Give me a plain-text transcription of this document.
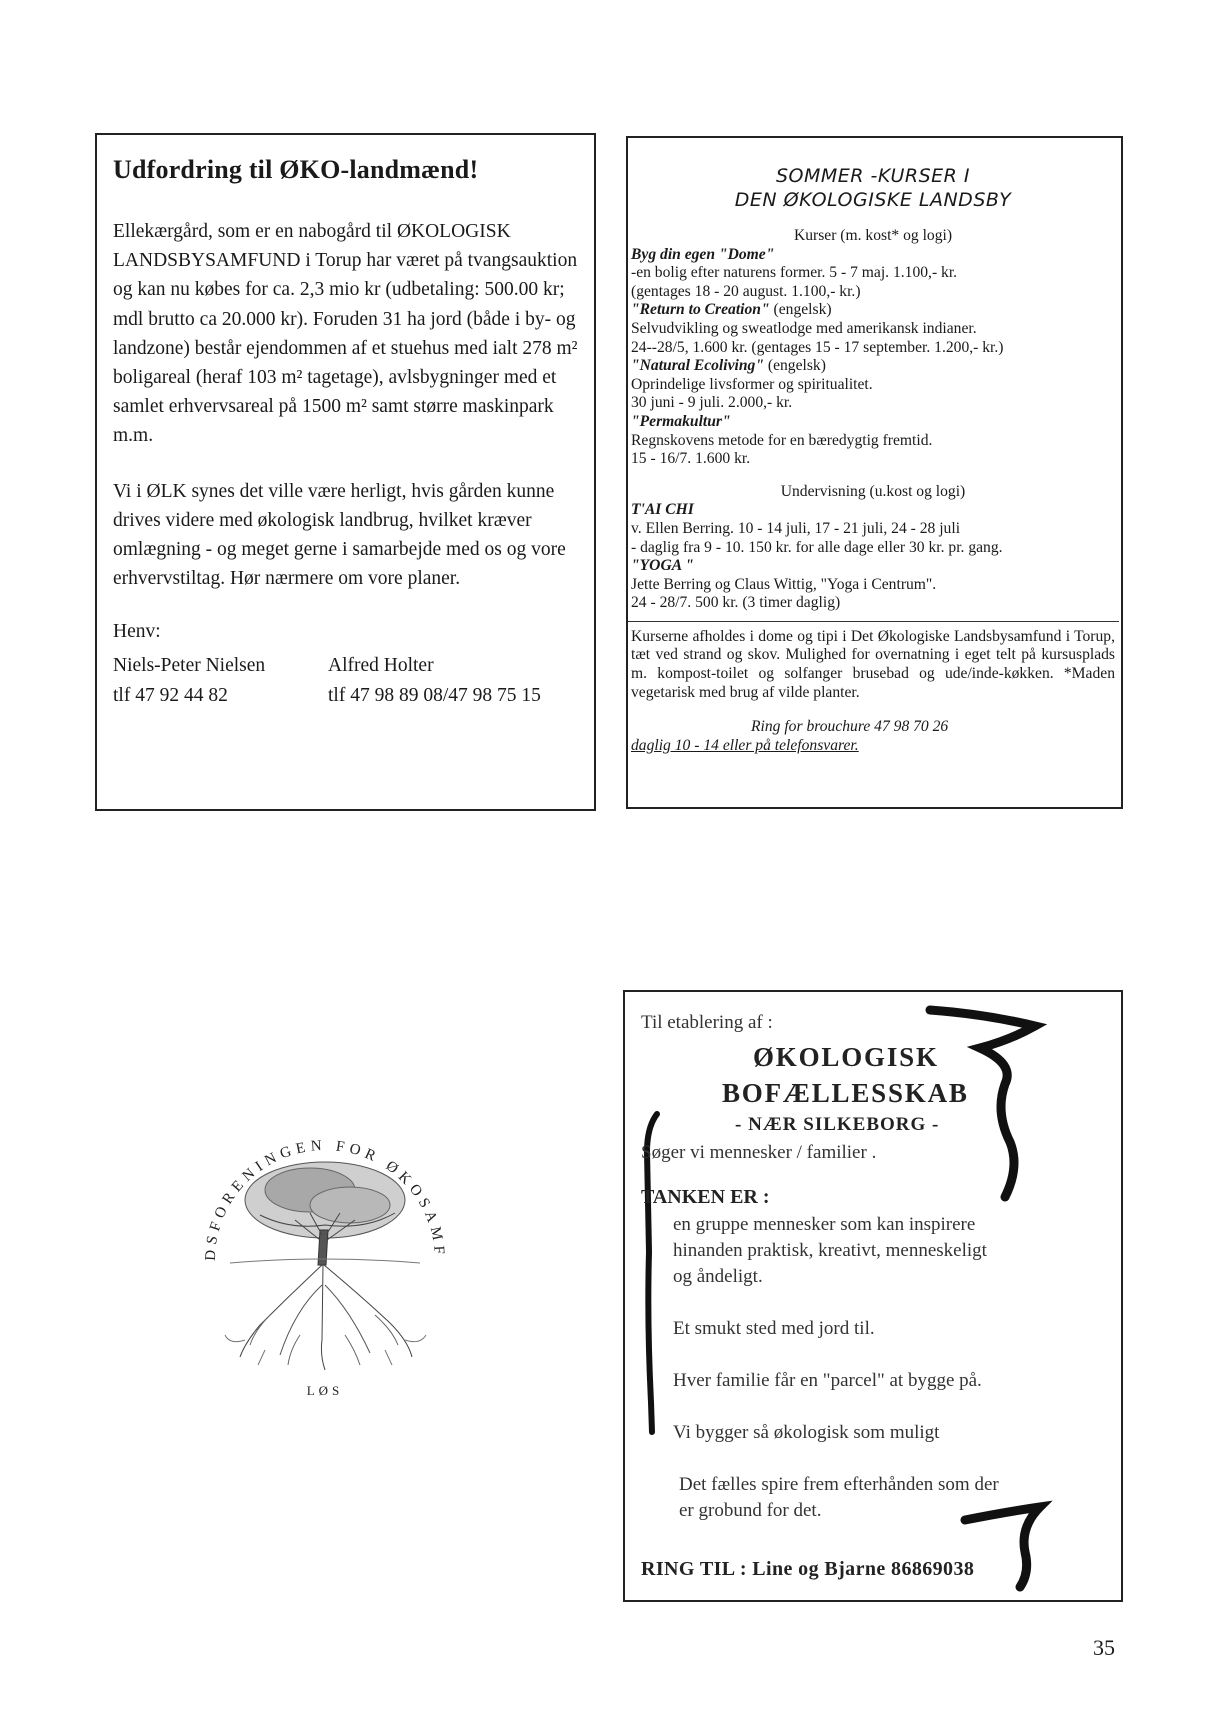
Udfordring til ØKO-landmænd!

Ellekærgård, som er en nabogård til ØKOLOGISK LANDSBYSAMFUND i Torup har været på tvangsauktion og kan nu købes for ca. 2,3 mio kr (udbetaling: 500.00 kr; mdl brutto ca 20.000 kr). Foruden 31 ha jord (både i by- og landzone) består ejendommen af et stuehus med ialt 278 m² boligareal (heraf 103 m² tagetage), avlsbygninger med et samlet erhvervsareal på 1500 m² samt større maskinpark m.m.

Vi i ØLK synes det ville være herligt, hvis gården kunne drives videre med økologisk landbrug, hvilket kræver omlægning - og meget gerne i samarbejde med os og vore erhvervstiltag. Hør nærmere om vore planer.

Henv:

Niels-Peter Nielsen
tlf 47 92 44 82
Alfred Holter
tlf 47 98 89 08/47 98 75 15
SOMMER -KURSER I
DEN ØKOLOGISKE LANDSBY
Kurser (m. kost* og logi)
Byg din egen "Dome"
-en bolig efter naturens former. 5 - 7 maj. 1.100,- kr.
(gentages 18 - 20 august. 1.100,- kr.)
"Return to Creation" (engelsk)
Selvudvikling og sweatlodge med amerikansk indianer.
24--28/5, 1.600 kr. (gentages 15 - 17 september. 1.200,- kr.)
"Natural Ecoliving" (engelsk)
Oprindelige livsformer og spiritualitet.
30 juni - 9 juli. 2.000,- kr.
"Permakultur"
Regnskovens metode for en bæredygtig fremtid.
15 - 16/7. 1.600 kr.
Undervisning (u.kost og logi)
T'AI CHI
v. Ellen Berring. 10 - 14 juli, 17 - 21 juli, 24 - 28 juli
- daglig fra 9 - 10. 150 kr. for alle dage eller 30 kr. pr. gang.
"YOGA "
Jette Berring og Claus Wittig, "Yoga i Centrum".
24 - 28/7. 500 kr. (3 timer daglig)
Kurserne afholdes i dome og tipi i Det Økologiske Landsbysamfund i Torup, tæt ved strand og skov. Mulighed for overnatning i eget telt på kursusplads m. kompost-toilet og solfanger brusebad og ude/inde-køkken. *Maden vegetarisk med brug af vilde planter.
Ring for brouchure 47 98 70 26
daglig 10 - 14 eller på telefonsvarer.
DSFORENINGEN FOR ØKOSAMF
LØS
Til etablering af :
ØKOLOGISK
BOFÆLLESSKAB
- NÆR SILKEBORG -
Søger vi mennesker / familier .
TANKEN ER :
en gruppe mennesker som kan inspirere
hinanden praktisk, kreativt, menneskeligt
og åndeligt.
Et smukt sted med jord til.
Hver familie får en "parcel" at bygge på.
Vi bygger så økologisk som muligt
Det fælles spire frem efterhånden som der
er grobund for det.
RING TIL : Line og Bjarne 86869038
35
